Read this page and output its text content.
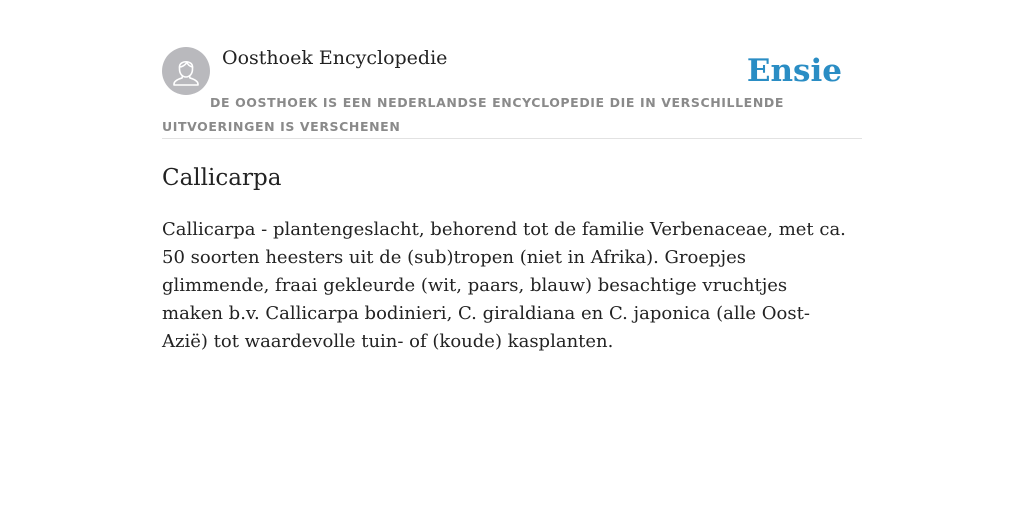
Oosthoek Encyclopedie	Ensie
DE OOSTHOEK IS EEN NEDERLANDSE ENCYCLOPEDIE DIE IN VERSCHILLENDE UITVOERINGEN IS VERSCHENEN
Callicarpa
Callicarpa - plantengeslacht, behorend tot de familie Verbenaceae, met ca. 50 soorten heesters uit de (sub)tropen (niet in Afrika). Groepjes glimmende, fraai gekleurde (wit, paars, blauw) besachtige vruchtjes maken b.v. Callicarpa bodinieri, C. giraldiana en C. japonica (alle Oost-Azië) tot waardevolle tuin- of (koude) kasplanten.
